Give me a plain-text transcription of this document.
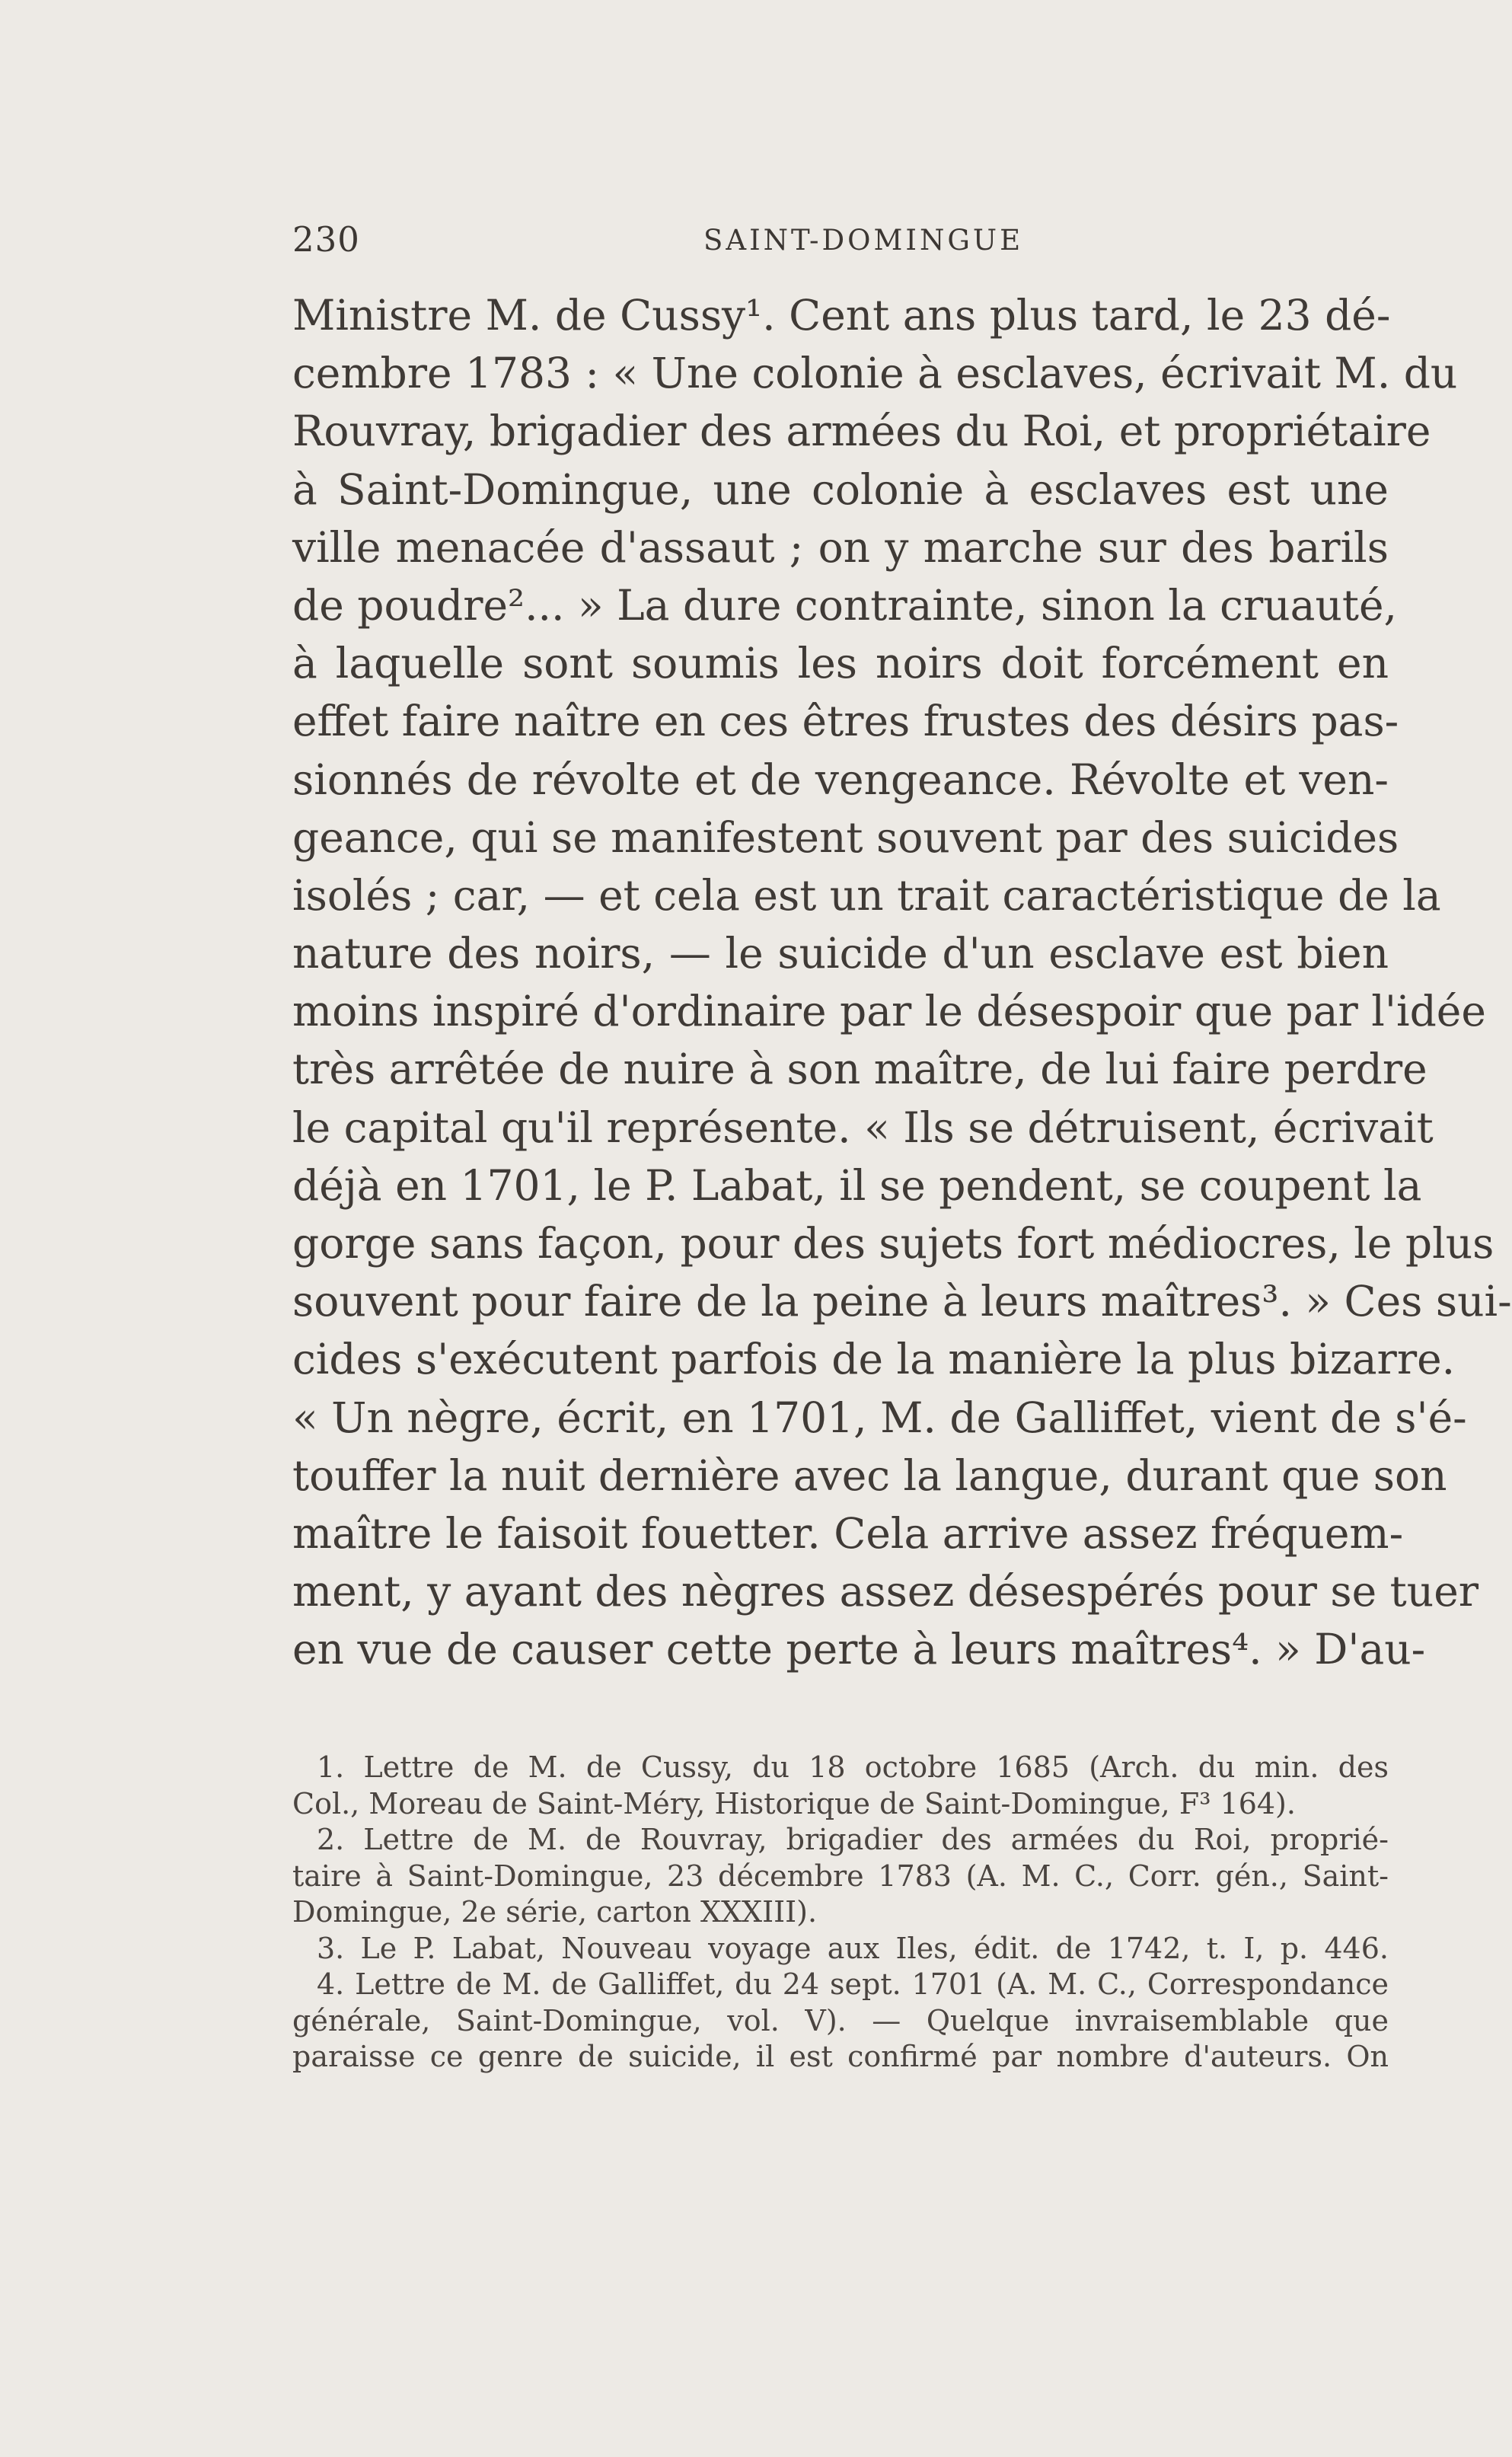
230	SAINT-DOMINGUE
Ministre M. de Cussy¹. Cent ans plus tard, le 23 dé-
cembre 1783 : « Une colonie à esclaves, écrivait M. du
Rouvray, brigadier des armées du Roi, et propriétaire
à Saint-Domingue, une colonie à esclaves est une
ville menacée d'assaut ; on y marche sur des barils
de poudre²... » La dure contrainte, sinon la cruauté,
à laquelle sont soumis les noirs doit forcément en
effet faire naître en ces êtres frustes des désirs pas-
sionnés de révolte et de vengeance. Révolte et ven-
geance, qui se manifestent souvent par des suicides
isolés ; car, — et cela est un trait caractéristique de la
nature des noirs, — le suicide d'un esclave est bien
moins inspiré d'ordinaire par le désespoir que par l'idée
très arrêtée de nuire à son maître, de lui faire perdre
le capital qu'il représente. « Ils se détruisent, écrivait
déjà en 1701, le P. Labat, il se pendent, se coupent la
gorge sans façon, pour des sujets fort médiocres, le plus
souvent pour faire de la peine à leurs maîtres³. » Ces sui-
cides s'exécutent parfois de la manière la plus bizarre.
« Un nègre, écrit, en 1701, M. de Galliffet, vient de s'é-
touffer la nuit dernière avec la langue, durant que son
maître le faisoit fouetter. Cela arrive assez fréquem-
ment, y ayant des nègres assez désespérés pour se tuer
en vue de causer cette perte à leurs maîtres⁴. » D'au-
1. Lettre de M. de Cussy, du 18 octobre 1685 (Arch. du min. des
Col., Moreau de Saint-Méry, Historique de Saint-Domingue, F³ 164).
2. Lettre de M. de Rouvray, brigadier des armées du Roi, proprié-
taire à Saint-Domingue, 23 décembre 1783 (A. M. C., Corr. gén., Saint-
Domingue, 2e série, carton XXXIII).
3. Le P. Labat, Nouveau voyage aux Iles, édit. de 1742, t. I, p. 446.
4. Lettre de M. de Galliffet, du 24 sept. 1701 (A. M. C., Correspondance
générale, Saint-Domingue, vol. V). — Quelque invraisemblable que
paraisse ce genre de suicide, il est confirmé par nombre d'auteurs. On
